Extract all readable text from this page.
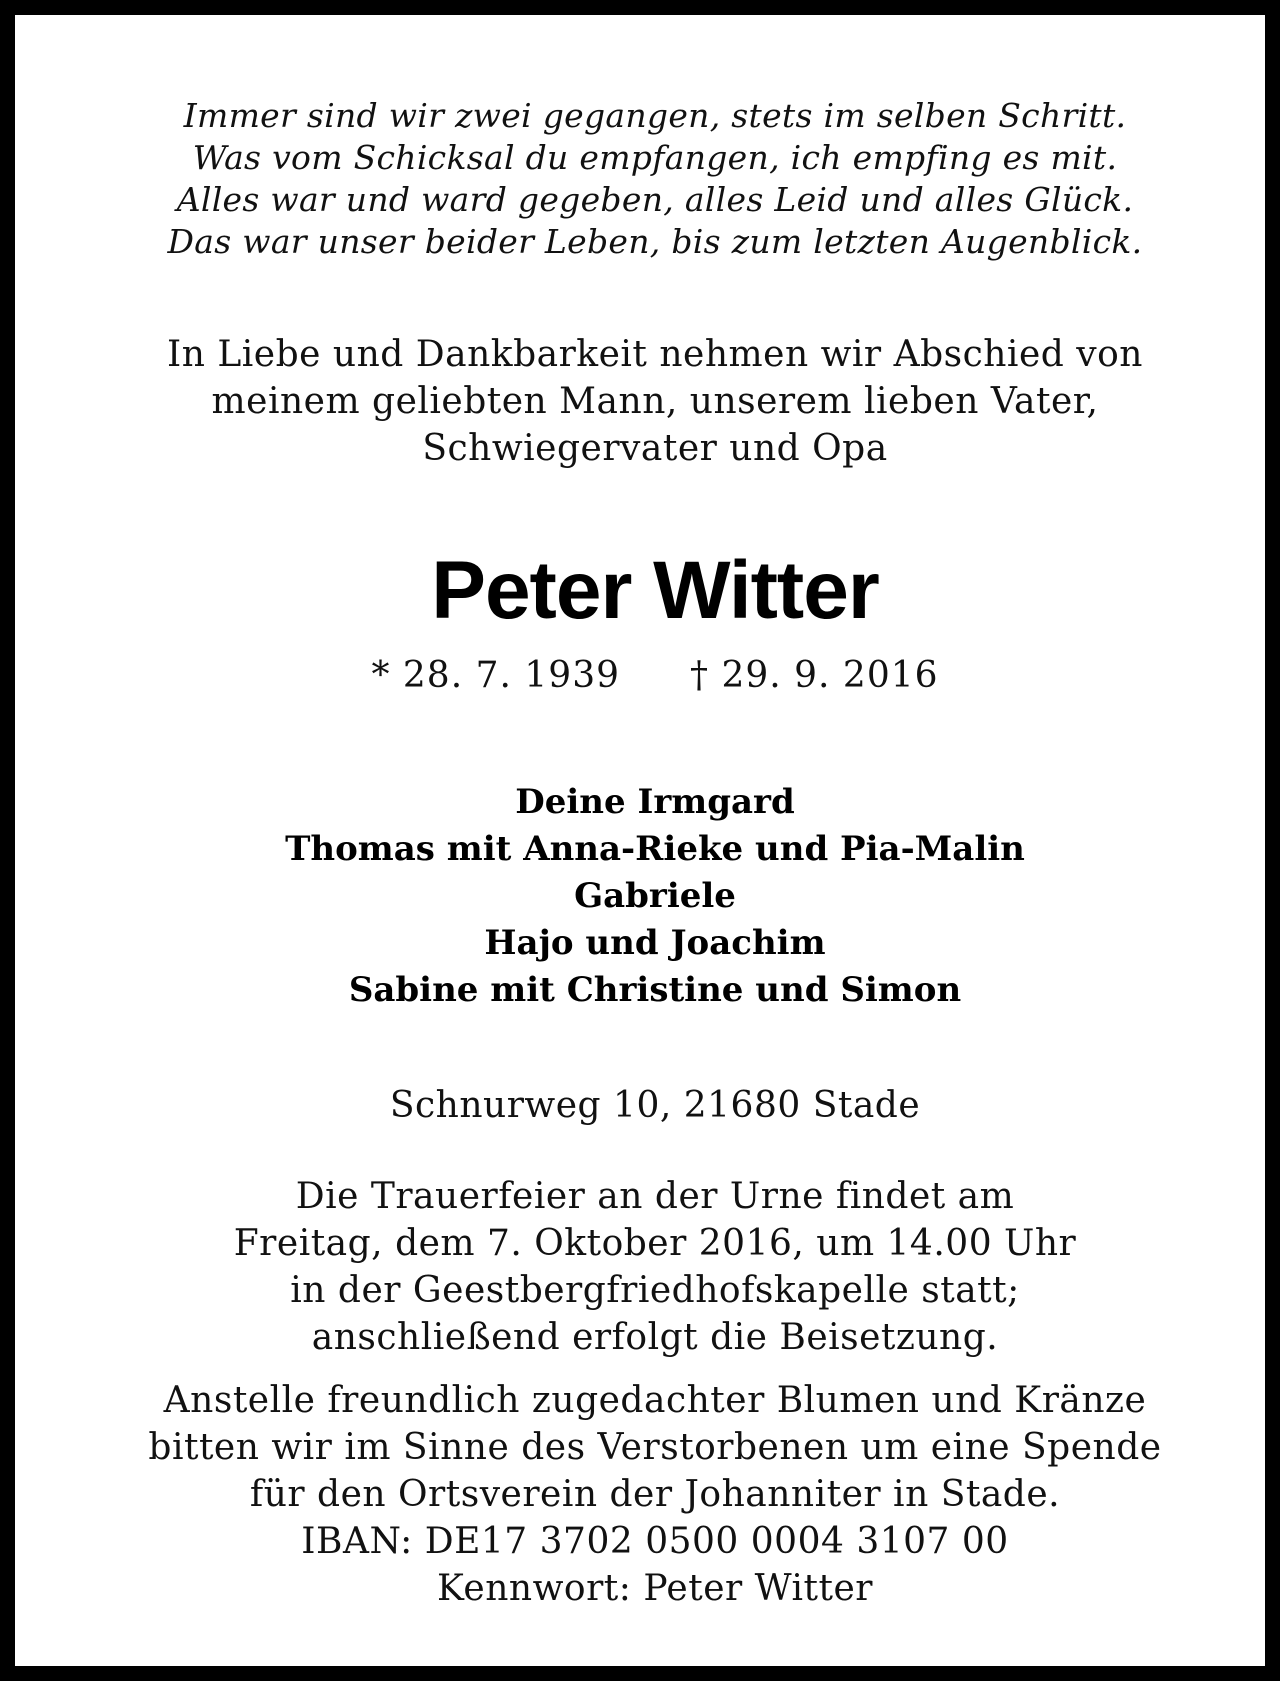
Immer sind wir zwei gegangen, stets im selben Schritt.
Was vom Schicksal du empfangen, ich empfing es mit.
Alles war und ward gegeben, alles Leid und alles Glück.
Das war unser beider Leben, bis zum letzten Augenblick.
In Liebe und Dankbarkeit nehmen wir Abschied von
meinem geliebten Mann, unserem lieben Vater,
Schwiegervater und Opa
Peter Witter
* 28. 7. 1939 † 29. 9. 2016
Deine Irmgard
Thomas mit Anna-Rieke und Pia-Malin
Gabriele
Hajo und Joachim
Sabine mit Christine und Simon
Schnurweg 10, 21680 Stade
Die Trauerfeier an der Urne findet am
Freitag, dem 7. Oktober 2016, um 14.00 Uhr
in der Geestbergfriedhofskapelle statt;
anschließend erfolgt die Beisetzung.
Anstelle freundlich zugedachter Blumen und Kränze
bitten wir im Sinne des Verstorbenen um eine Spende
für den Ortsverein der Johanniter in Stade.
IBAN: DE17 3702 0500 0004 3107 00
Kennwort: Peter Witter
